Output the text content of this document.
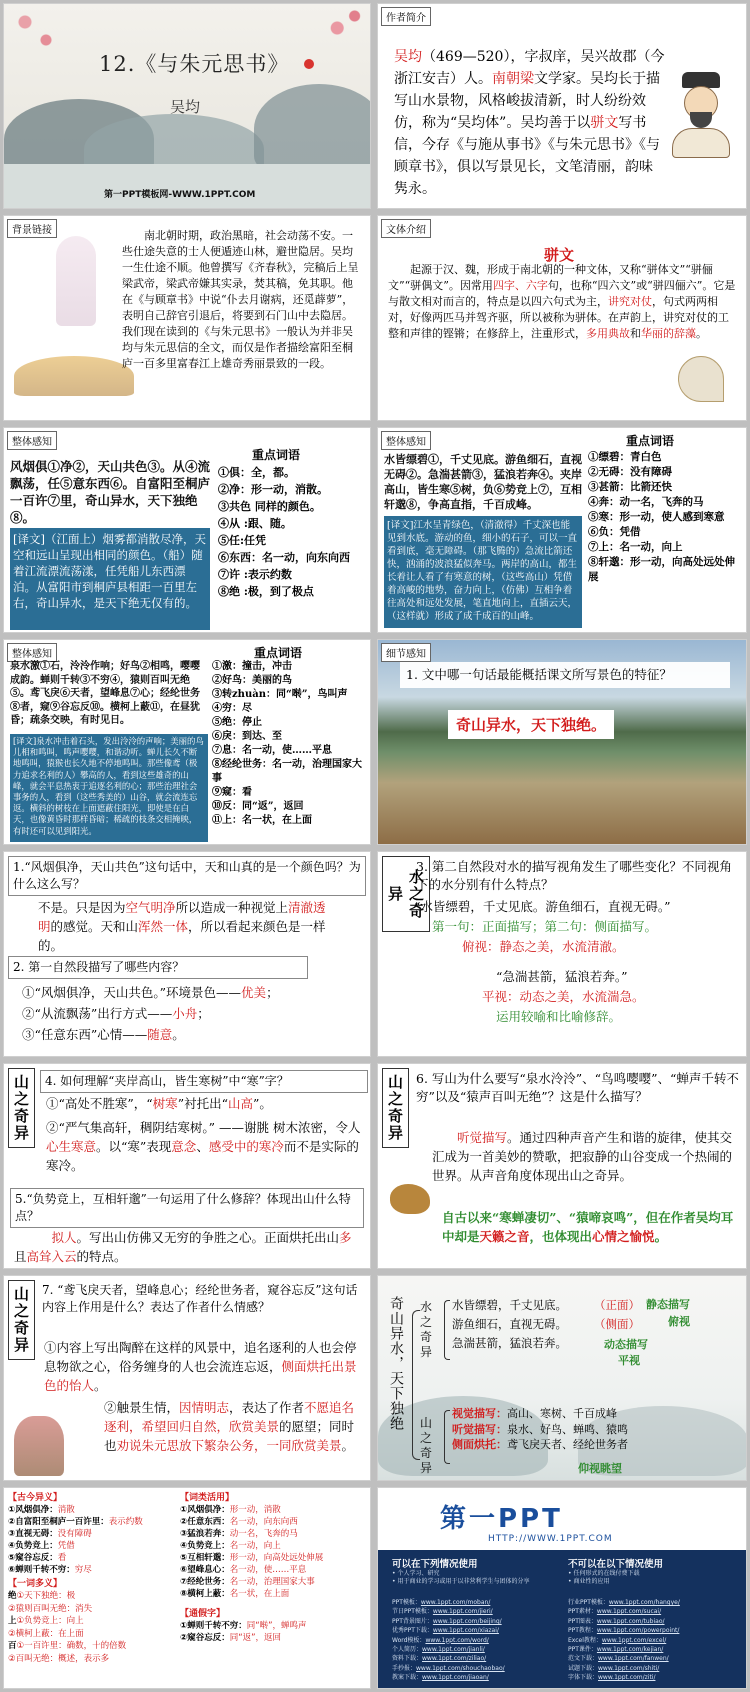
12.《与朱元思书》
吴均
第一PPT模板网-WWW.1PPT.COM
作者简介
吴均（469—520），字叔庠，吴兴故郡（今浙江安吉）人。南朝梁文学家。吴均长于描写山水景物，风格峻拔清新，时人纷纷效仿，称为“吴均体”。吴均善于以骈文写书信，今存《与施从事书》《与朱元思书》《与顾章书》，俱以写景见长，文笔清丽，韵味隽永。
背景链接	南北朝时期，政治黑暗，社会动荡不安。一些仕途失意的士人便遁迹山林，避世隐居。吴均一生仕途不顺。他曾撰写《齐春秋》，完稿后上呈梁武帝，梁武帝嫌其实录，焚其稿，免其职。他在《与顾章书》中说“仆去月谢病，还觅薜萝”，表明自己辞官引退后，将要到石门山中去隐居。我们现在读到的《与朱元思书》一般认为并非吴均与朱元思信的全文，而仅是作者描绘富阳至桐庐一百多里富春江上雄奇秀丽景致的一段。
文体介绍
骈文
起源于汉、魏，形成于南北朝的一种文体，又称“骈体文”“骈俪文”“骈偶文”。因常用四字、六字句，也称“四六文”或“骈四俪六”。它是与散文相对而言的，特点是以四六句式为主，讲究对仗，句式两两相对，好像两匹马并驾齐驱，所以被称为骈体。在声韵上，讲究对仗的工整和声律的铿锵；在修辞上，注重形式，多用典故和华丽的辞藻。
整体感知
风烟俱①净②，天山共色③。从④流飘荡，任⑤意东西⑥。自富阳至桐庐一百许⑦里，奇山异水，天下独绝⑧。
[译文]（江面上）烟雾都消散尽净，天空和远山呈现出相同的颜色。（船）随着江流漂流荡漾，任凭船儿东西漂泊。从富阳市到桐庐县相距一百里左右，奇山异水，是天下绝无仅有的。
重点词语
①俱：全，都。
②净：形一动，消散。
③共色 同样的颜色。
④从 :跟、随。
⑤任:任凭
⑥东西：名一动，向东向西
⑦许 :表示约数
⑧绝 :极，到了极点
整体感知
水皆缥碧①，千丈见底。游鱼细石，直视无碍②。急湍甚箭③，猛浪若奔④。夹岸高山，皆生寒⑤树，负⑥势竞上⑦，互相轩邈⑧，争高直指，千百成峰。
[译文]江水呈青绿色，（清澈得）千丈深也能见到水底。游动的鱼，细小的石子，可以一直看到底，毫无障碍。（那飞腾的）急流比箭还快，汹涌的波浪猛似奔马。两岸的高山，都生长着让人看了有寒意的树，（这些高山）凭借着高峻的地势，奋力向上，（仿佛）互相争着往高处和远处发展，笔直地向上，直插云天，（这样就）形成了成千成百的山峰。
重点词语
①缥碧：青白色
②无碍：没有障碍
③甚箭：比箭还快
④奔：动一名，飞奔的马
⑤寒：形一动，使人感到寒意
⑥负：凭借
⑦上：名一动，向上
⑧轩邈：形一动，向高处远处伸展
整体感知
泉水激①石，泠泠作响；好鸟②相鸣，嘤嘤成韵。蝉则千转③不穷④，猿则百叫无绝⑤。鸢飞戾⑥天者，望峰息⑦心；经纶世务⑧者，窥⑨谷忘反⑩。横柯上蔽⑪，在昼犹昏；疏条交映，有时见日。
[译文]泉水冲击着石头，发出泠泠的声响；美丽的鸟儿相和鸣叫，鸣声嘤嘤，和谐动听。蝉儿长久不断地鸣叫，猿猴也长久地不停地鸣叫。那些像鸢（极力追求名利的人）攀高的人，看到这些雄奇的山峰，就会平息热衷于追逐名利的心；那些治理社会事务的人，看到（这些秀美的）山谷，就会流连忘返。横斜的树枝在上面遮蔽住阳光，即使是在白天，也像黄昏时那样昏暗；稀疏的枝条交相掩映，有时还可以见到阳光。
重点词语
①激：撞击，冲击
②好鸟：美丽的鸟
③转zhuàn：同“啭”，鸟叫声
④穷：尽
⑤绝：停止
⑥戾：到达、至
⑦息：名一动，使……平息
⑧经纶世务：名一动，治理国家大事
⑨窥：看
⑩反：同“返”，返回
⑪上：名一状，在上面
细节感知
1. 文中哪一句话最能概括课文所写景色的特征？
奇山异水，天下独绝。
1.“风烟俱净，天山共色”这句话中，天和山真的是一个颜色吗？为什么这么写？
不是。只是因为空气明净所以造成一种视觉上清澈透明的感觉。天和山浑然一体，所以看起来颜色是一样的。
2. 第一自然段描写了哪些内容？
①“风烟俱净，天山共色。”环境景色——优美；
②“从流飘荡”出行方式——小舟；
③“任意东西”心情——随意。
水之奇异
3. 第二自然段对水的描写视角发生了哪些变化？不同视角下的水分别有什么特点？
“水皆缥碧，千丈见底。游鱼细石，直视无碍。”
第一句：正面描写；第二句：侧面描写。
俯视：静态之美，水流清澈。
“急湍甚箭，猛浪若奔。”
平视：动态之美，水流湍急。
运用较喻和比喻修辞。
山之奇异	4. 如何理解“夹岸高山，皆生寒树”中“寒”字？
①“高处不胜寒”，“树寒”衬托出“山高”。
②“严气集高轩，稠阴结寒树。” ——谢朓 树木浓密，令人心生寒意。以“寒”表现意念、感受中的寒冷而不是实际的寒冷。
5.“负势竞上，互相轩邈”一句运用了什么修辞？体现出山什么特点？
拟人。写出山仿佛又无穷的争胜之心。正面烘托出山多且高耸入云的特点。
山之奇异 6. 写山为什么要写“泉水泠泠”、“鸟鸣嘤嘤”、“蝉声千转不穷”以及“猿声百叫无绝”？这是什么描写？
听觉描写。通过四种声音产生和谐的旋律，使其交汇成为一首美妙的赞歌，把寂静的山谷变成一个热闹的世界。从声音角度体现出山之奇异。
自古以来“寒蝉凄切”、“猿啼哀鸣”，但在作者吴均耳中却是天籁之音，也体现出心情之愉悦。
山之奇异	7. “鸢飞戾天者，望峰息心；经纶世务者，窥谷忘反”这句话内容上作用是什么？表达了作者什么情感？
①内容上写出陶醉在这样的风景中，追名逐利的人也会停息物欲之心，俗务缠身的人也会流连忘返，侧面烘托出景色的怡人。
②触景生情，因情明志，表达了作者不愿追名逐利，希望回归自然，欣赏美景的愿望；同时也劝说朱元思放下繁杂公务，一同欣赏美景。
奇山异水，天下独绝 水之奇异
水皆缥碧，千丈见底。
游鱼细石，直视无碍。
急湍甚箭，猛浪若奔。
（正面）
（侧面）
静态描写
俯视
动态描写
平视
山之奇异
视觉描写：高山、寒树、千百成峰
听觉描写：泉水、好鸟、蝉鸣、猿鸣
侧面烘托：鸢飞戾天者、经纶世务者
仰视眺望
【古今异义】
①风烟俱净：消散
②自富阳至桐庐一百许里：表示约数
③直视无碍：没有障碍
④负势竞上：凭借
⑤窥谷忘反：看
⑥蝉则千转不穷：穷尽
【一词多义】
绝①天下独绝：极
②猿则百叫无绝：消失
上①负势竞上：向上
②横柯上蔽：在上面
百①一百许里：确数，十的倍数
②百叫无绝：概述，表示多
【词类活用】
①风烟俱净：形一动，消散
②任意东西：名一动，向东向西
③猛浪若奔：动一名，飞奔的马
④负势竞上：名一动，向上
⑤互相轩邈：形一动，向高处远处伸展
⑥望峰息心：名一动，使……平息
⑦经纶世务：名一动，治理国家大事
⑧横柯上蔽：名一状，在上面
【通假字】
①蝉则千转不穷：同“啭”，蝉鸣声
②窥谷忘反：同“返”，返回
第一PPT
HTTP://WWW.1PPT.COM
可以在下列情况使用
• 个人学习、研究
• 用于商业的学习或用于以非营利学生与团体的分享
不可以在以下情况使用
• 任何形式的在线付费下载
• 商业性的应用
PPT模板：www.1ppt.com/moban/
节日PPT模板：www.1ppt.com/jieri/
PPT背景图片：www.1ppt.com/beijing/
优秀PPT下载：www.1ppt.com/xiazai/
Word模板：www.1ppt.com/word/
个人简历：www.1ppt.com/jianli/
资料下载：www.1ppt.com/ziliao/
手抄报：www.1ppt.com/shouchaobao/
教案下载：www.1ppt.com/jiaoan/
行业PPT模板：www.1ppt.com/hangye/
PPT素材：www.1ppt.com/sucai/
PPT图表：www.1ppt.com/tubiao/
PPT教程：www.1ppt.com/powerpoint/
Excel教程：www.1ppt.com/excel/
PPT课件：www.1ppt.com/kejian/
范文下载：www.1ppt.com/fanwen/
试题下载：www.1ppt.com/shiti/
字体下载：www.1ppt.com/ziti/
